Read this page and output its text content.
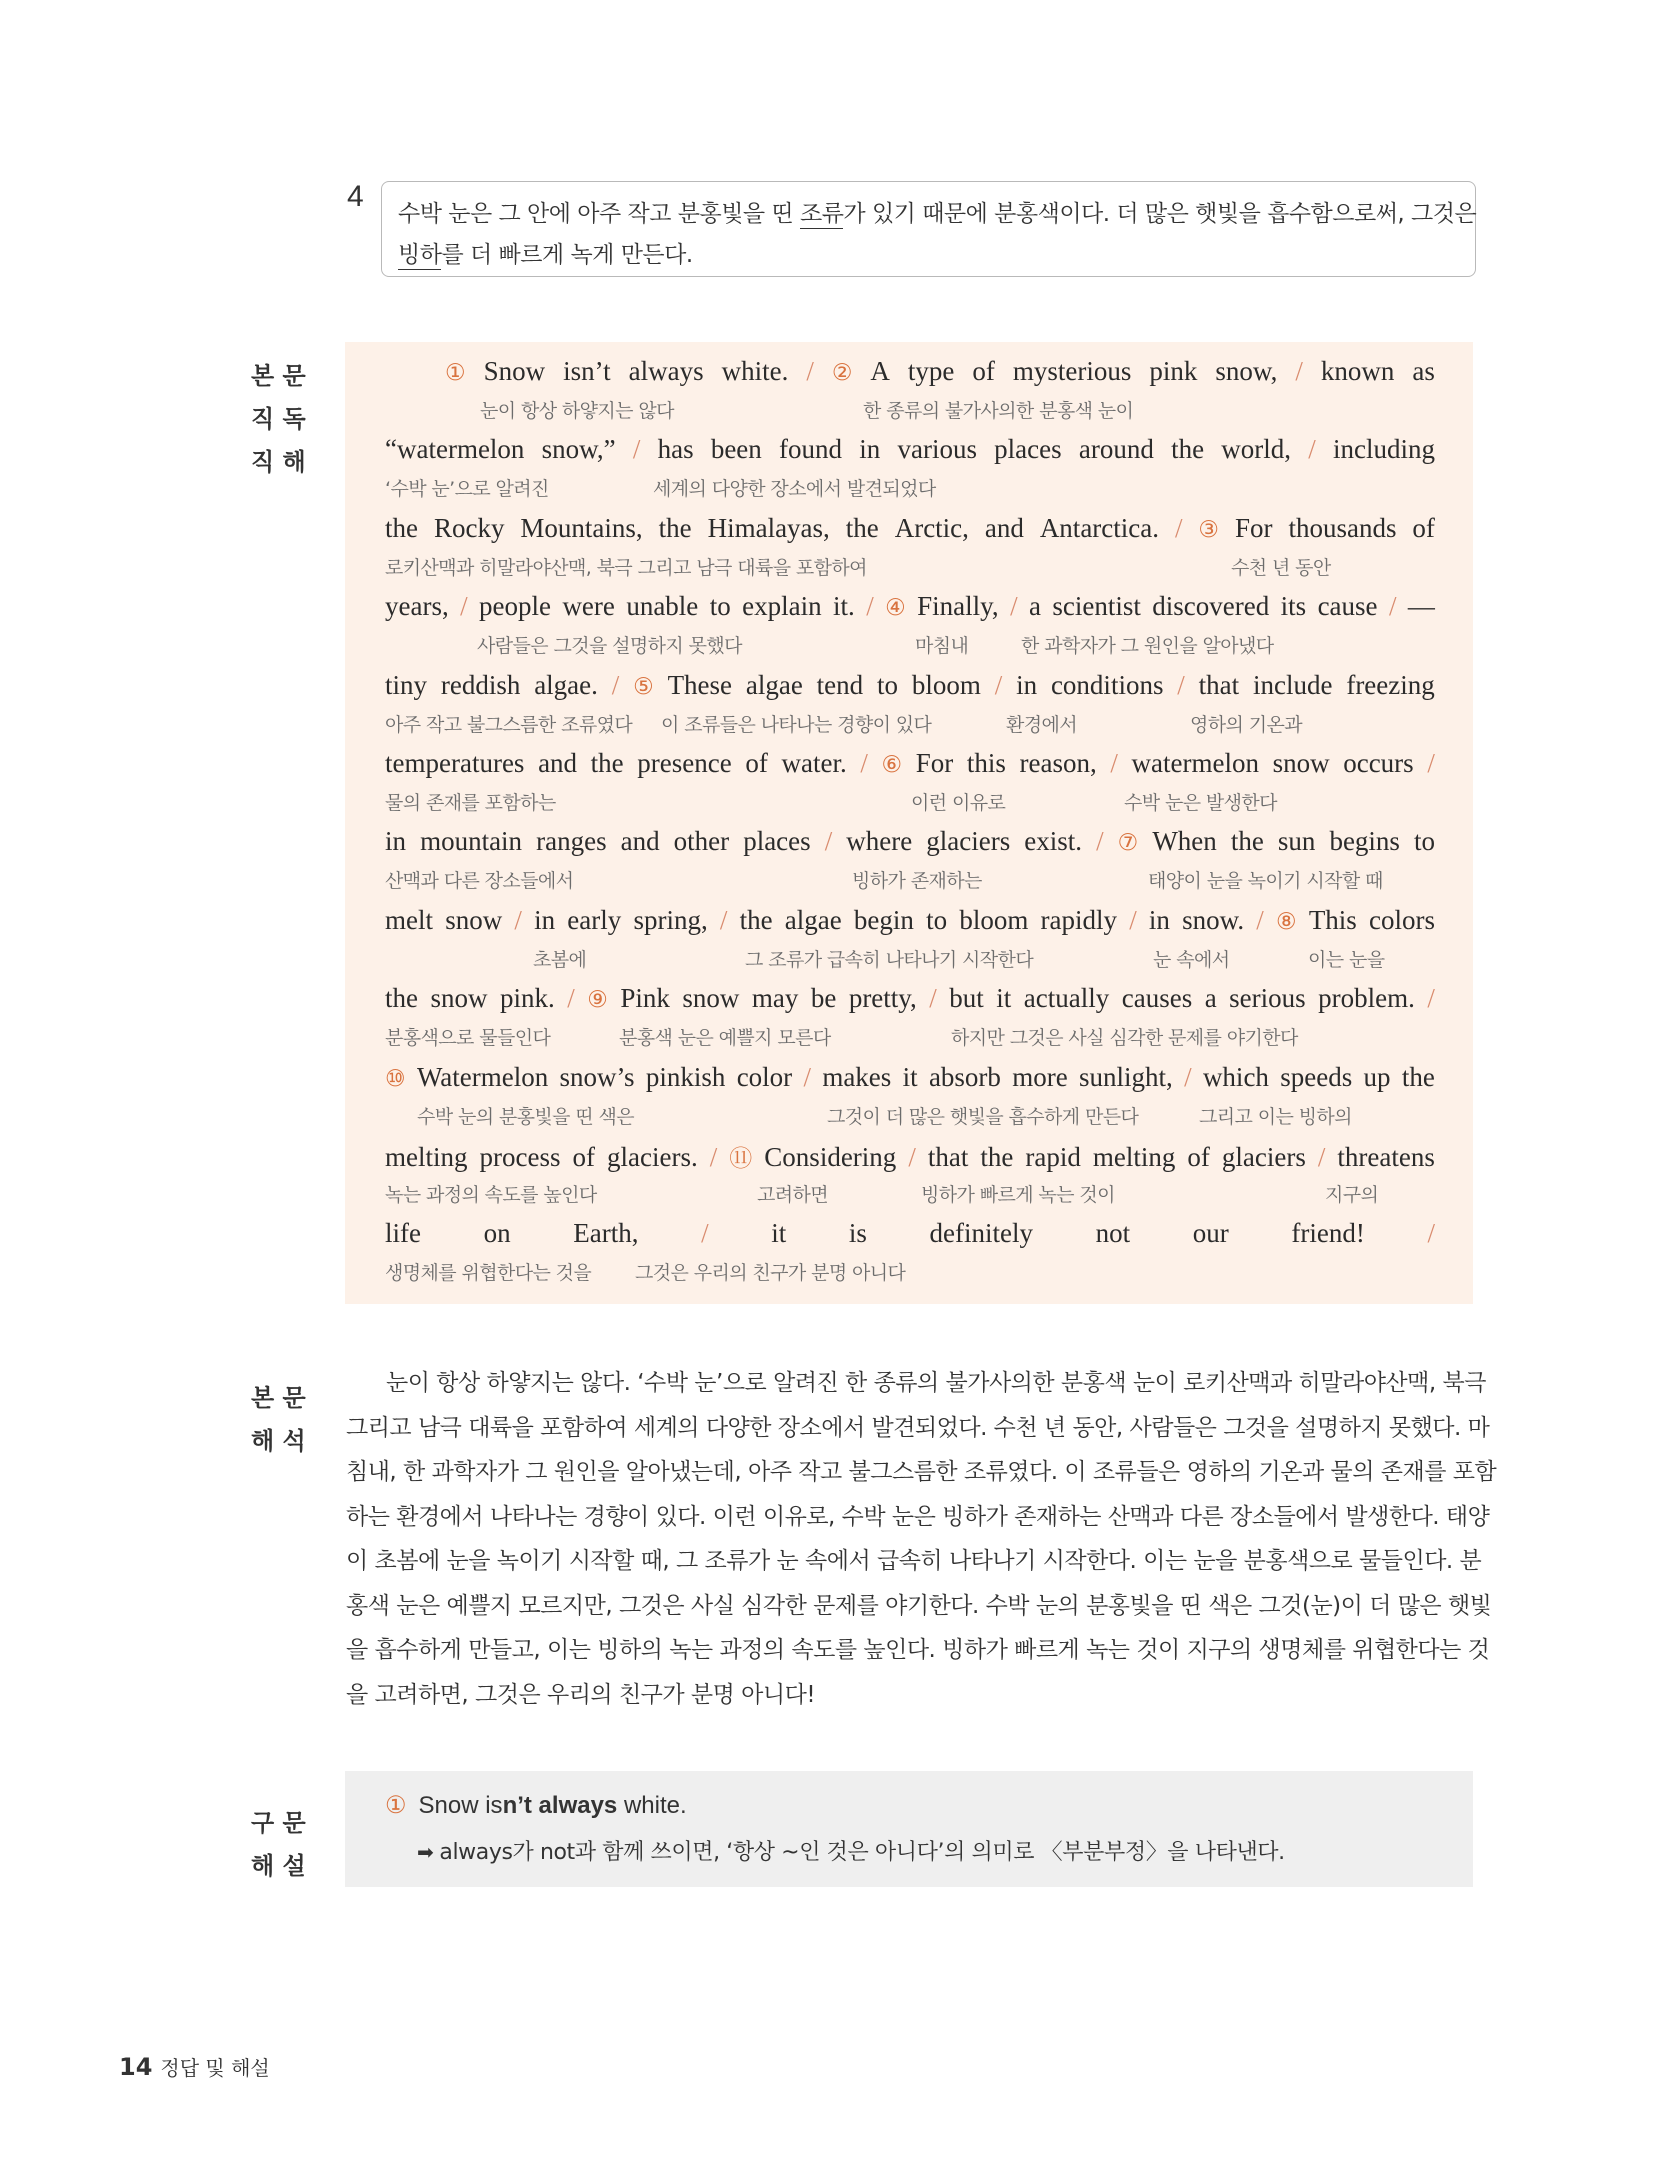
4
수박 눈은 그 안에 아주 작고 분홍빛을 띤 조류가 있기 때문에 분홍색이다. 더 많은 햇빛을 흡수함으로써, 그것은
빙하를 더 빠르게 녹게 만든다.
본 문
직 독
직 해
본 문
해 석
구 문
해 설
① Snow isn’t always white. / ② A type of mysterious pink snow, / known as
눈이 항상 하얗지는 않다	한 종류의 불가사의한 분홍색 눈이
“watermelon snow,” / has been found in various places around the world, / including
‘수박 눈’으로 알려진	세계의 다양한 장소에서 발견되었다
the Rocky Mountains, the Himalayas, the Arctic, and Antarctica. / ③ For thousands of
로키산맥과 히말라야산맥, 북극 그리고 남극 대륙을 포함하여	수천 년 동안
years, / people were unable to explain it. / ④ Finally, / a scientist discovered its cause / —
사람들은 그것을 설명하지 못했다	마침내	한 과학자가 그 원인을 알아냈다
tiny reddish algae. / ⑤ These algae tend to bloom / in conditions / that include freezing
아주 작고 불그스름한 조류였다 이 조류들은 나타나는 경향이 있다	환경에서	영하의 기온과
temperatures and the presence of water. / ⑥ For this reason, / watermelon snow occurs /
물의 존재를 포함하는	이런 이유로	수박 눈은 발생한다
in mountain ranges and other places / where glaciers exist. / ⑦ When the sun begins to
산맥과 다른 장소들에서	빙하가 존재하는	태양이 눈을 녹이기 시작할 때
melt snow / in early spring, / the algae begin to bloom rapidly / in snow. / ⑧ This colors
초봄에	그 조류가 급속히 나타나기 시작한다	눈 속에서	이는 눈을
the snow pink. / ⑨ Pink snow may be pretty, / but it actually causes a serious problem. /
분홍색으로 물들인다	분홍색 눈은 예쁠지 모른다	하지만 그것은 사실 심각한 문제를 야기한다
⑩ Watermelon snow’s pinkish color / makes it absorb more sunlight, / which speeds up the
수박 눈의 분홍빛을 띤 색은	그것이 더 많은 햇빛을 흡수하게 만든다	그리고 이는 빙하의
melting process of glaciers. / ⑪ Considering / that the rapid melting of glaciers / threatens
녹는 과정의 속도를 높인다	고려하면	빙하가 빠르게 녹는 것이	지구의
life on Earth, / it is definitely not our friend! /
생명체를 위협한다는 것을 그것은 우리의 친구가 분명 아니다
눈이 항상 하얗지는 않다. ‘수박 눈’으로 알려진 한 종류의 불가사의한 분홍색 눈이 로키산맥과 히말라야산맥, 북극
그리고 남극 대륙을 포함하여 세계의 다양한 장소에서 발견되었다. 수천 년 동안, 사람들은 그것을 설명하지 못했다. 마
침내, 한 과학자가 그 원인을 알아냈는데, 아주 작고 불그스름한 조류였다. 이 조류들은 영하의 기온과 물의 존재를 포함
하는 환경에서 나타나는 경향이 있다. 이런 이유로, 수박 눈은 빙하가 존재하는 산맥과 다른 장소들에서 발생한다. 태양
이 초봄에 눈을 녹이기 시작할 때, 그 조류가 눈 속에서 급속히 나타나기 시작한다. 이는 눈을 분홍색으로 물들인다. 분
홍색 눈은 예쁠지 모르지만, 그것은 사실 심각한 문제를 야기한다. 수박 눈의 분홍빛을 띤 색은 그것(눈)이 더 많은 햇빛
을 흡수하게 만들고, 이는 빙하의 녹는 과정의 속도를 높인다. 빙하가 빠르게 녹는 것이 지구의 생명체를 위협한다는 것
을 고려하면, 그것은 우리의 친구가 분명 아니다!
① Snow isn’t always white.
➡ always가 not과 함께 쓰이면, ‘항상 ~인 것은 아니다’의 의미로 〈부분부정〉을 나타낸다.
14 정답 및 해설
